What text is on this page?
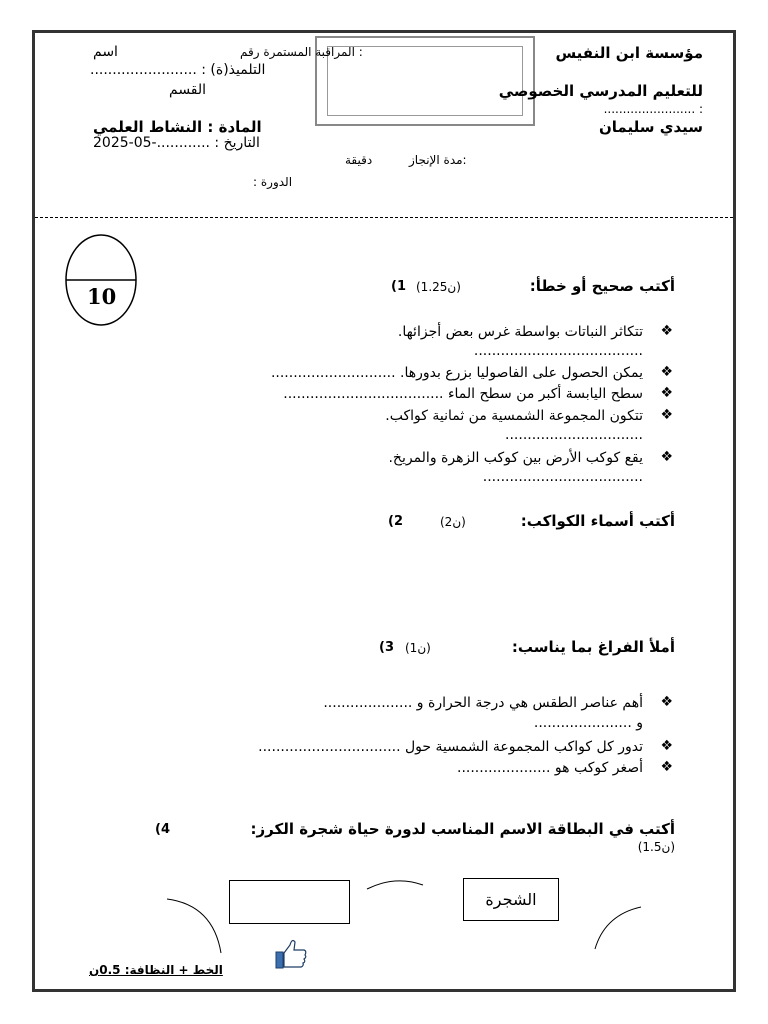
مؤسسة ابن النفيس
للتعليم المدرسي الخصوصي
........................ :
سيدي سليمان
المراقبة المستمرة رقم :
اسم
........................ : التلميذ(ة)
القسم
المادة : النشاط العلمي
التاريخ : ............-05-2025
مدة الإنجاز:
دقيقة
: الدورة
10	أكتب صحيح أو خطأ:
(1.25ن)
(1
❖
تتكاثر النباتات بواسطة غرس بعض أجزائها. ......................................
❖
يمكن الحصول على الفاصوليا بزرع بدورها. ............................
❖
سطح اليابسة أكبر من سطح الماء ....................................
❖
تتكون المجموعة الشمسية من ثمانية كواكب. ...............................
❖
يقع كوكب الأرض بين كوكب الزهرة والمريخ. ....................................
أكتب أسماء الكواكب:
(2ن)
(2
أملأ الفراغ بما يناسب:
(1ن)
(3
❖
أهم عناصر الطقس هي درجة الحرارة و ....................
و ......................
❖
تدور كل كواكب المجموعة الشمسية حول ................................
❖
أصغر كوكب هو .....................
أكتب في البطاقة الاسم المناسب لدورة حياة شجرة الكرز:
(4
(1.5ن)
الشجرة
الخط + النظافة: 0.5ن
